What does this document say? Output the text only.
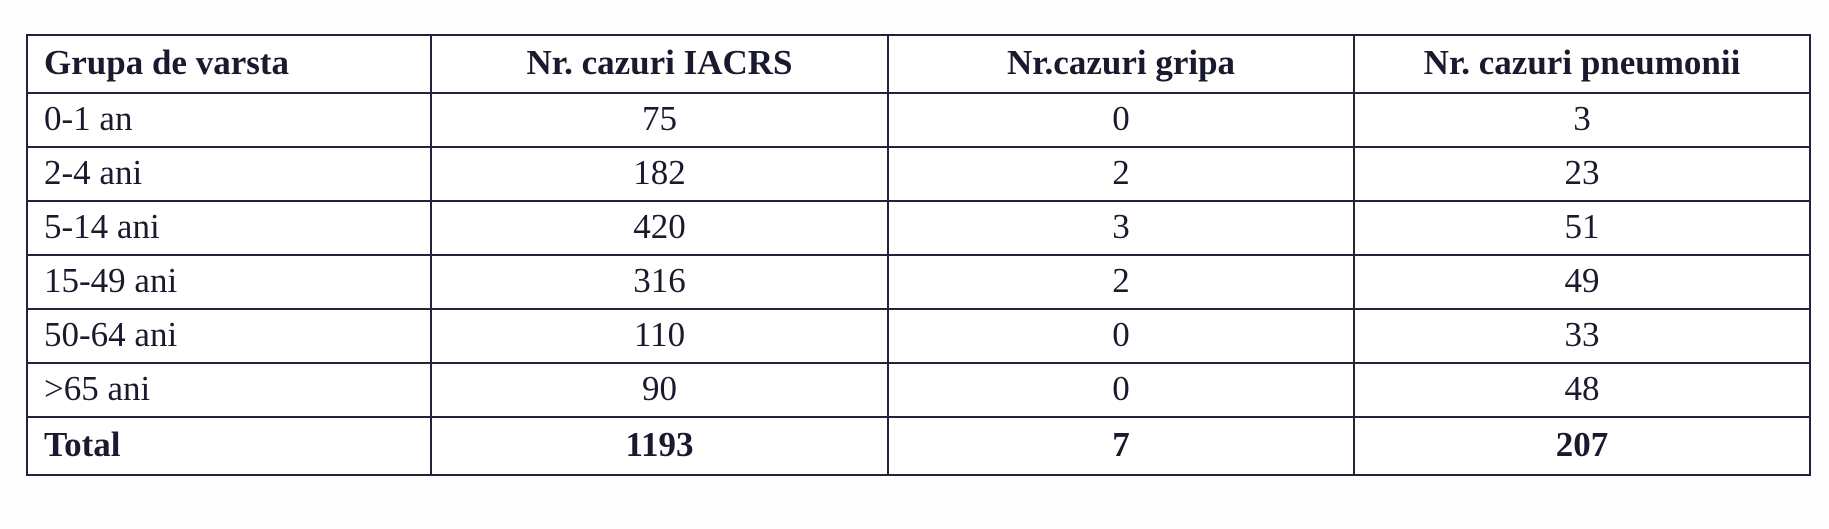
Grupa de varsta	Nr. cazuri IACRS	Nr.cazuri gripa	Nr. cazuri pneumonii

0-1 an	75	0	3

2-4 ani	182	2	23

5-14 ani	420	3	51

15-49 ani	316	2	49

50-64 ani	110	0	33

>65 ani	90	0	48

Total	1193	7	207
